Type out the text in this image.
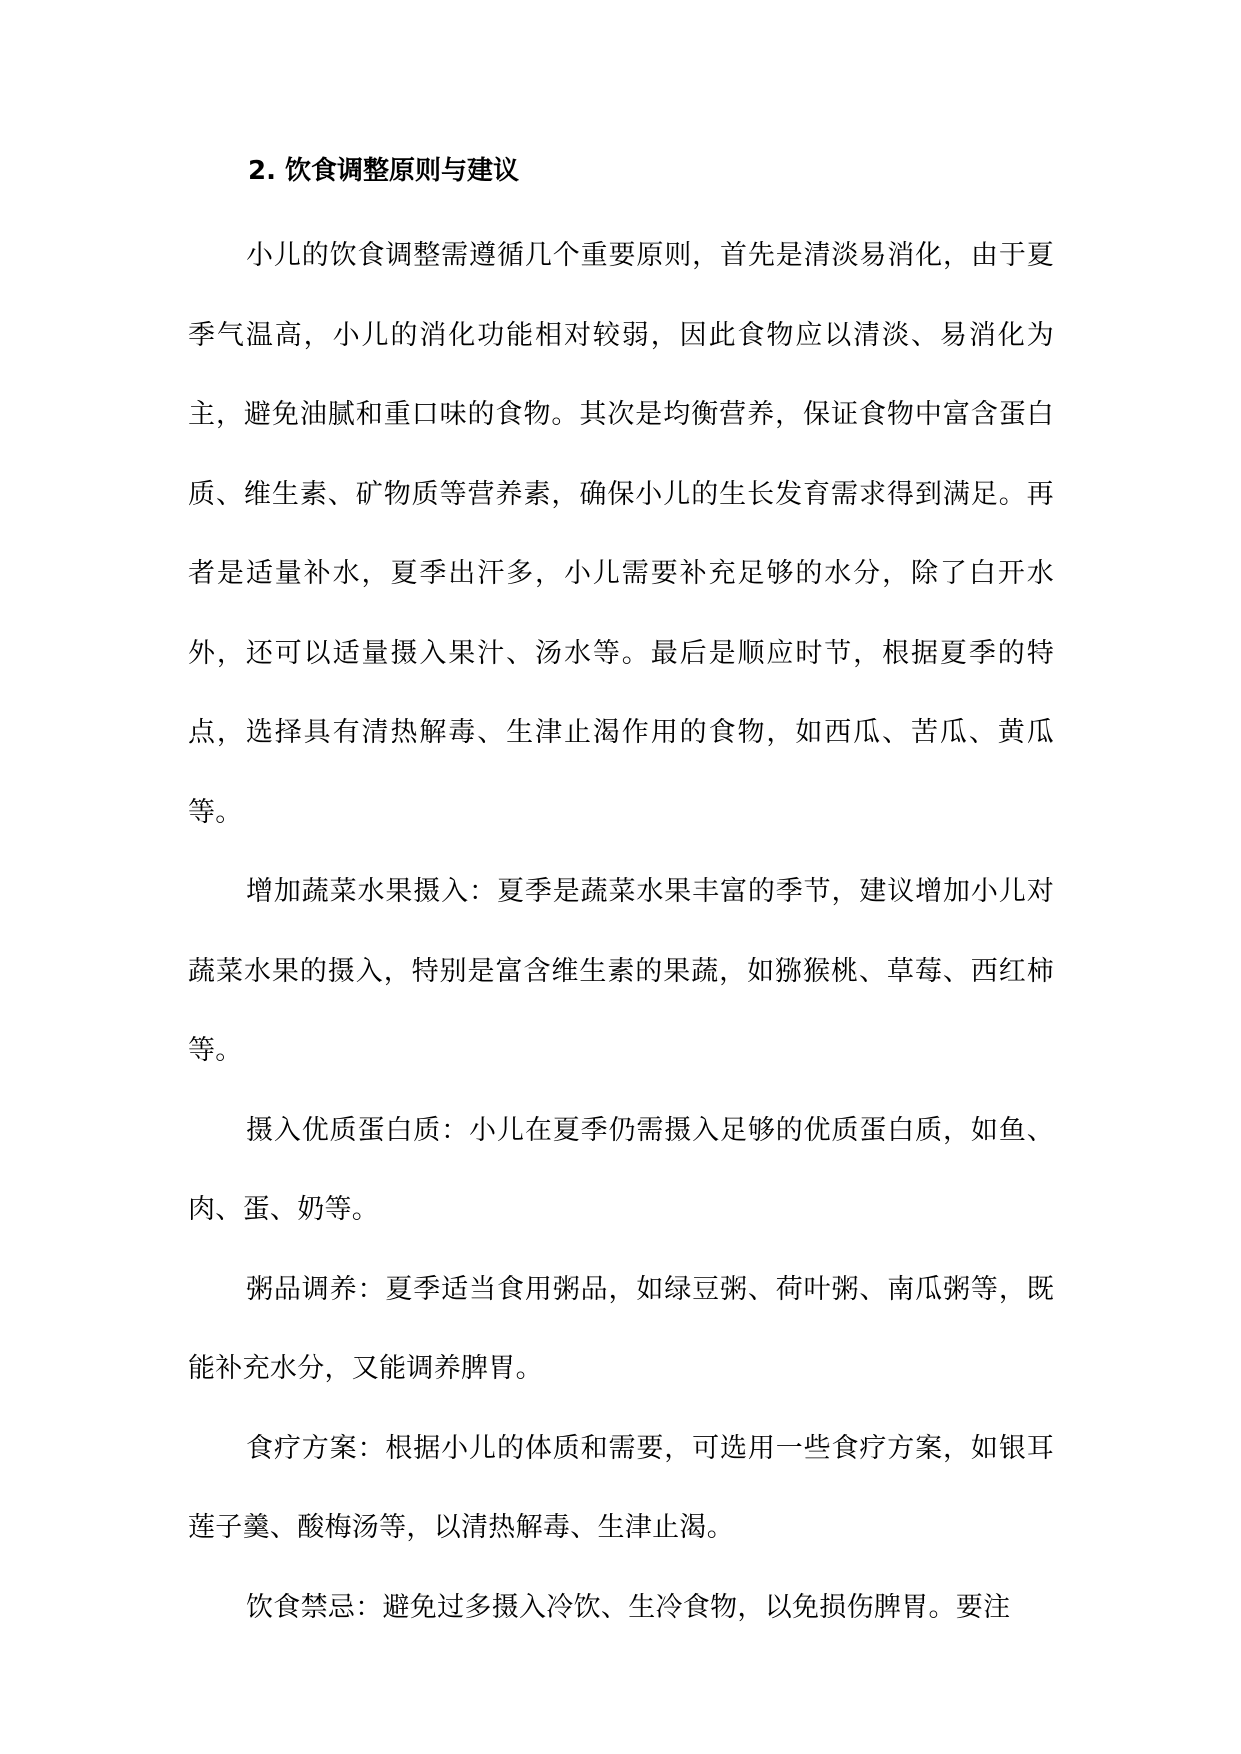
2. 饮食调整原则与建议

小儿的饮食调整需遵循几个重要原则，首先是清淡易消化，由于夏季气温高，小儿的消化功能相对较弱，因此食物应以清淡、易消化为主，避免油腻和重口味的食物。其次是均衡营养，保证食物中富含蛋白质、维生素、矿物质等营养素，确保小儿的生长发育需求得到满足。再者是适量补水，夏季出汗多，小儿需要补充足够的水分，除了白开水外，还可以适量摄入果汁、汤水等。最后是顺应时节，根据夏季的特点，选择具有清热解毒、生津止渴作用的食物，如西瓜、苦瓜、黄瓜等。

增加蔬菜水果摄入：夏季是蔬菜水果丰富的季节，建议增加小儿对蔬菜水果的摄入，特别是富含维生素的果蔬，如猕猴桃、草莓、西红柿等。

摄入优质蛋白质：小儿在夏季仍需摄入足够的优质蛋白质，如鱼、肉、蛋、奶等。

粥品调养：夏季适当食用粥品，如绿豆粥、荷叶粥、南瓜粥等，既能补充水分，又能调养脾胃。

食疗方案：根据小儿的体质和需要，可选用一些食疗方案，如银耳莲子羹、酸梅汤等，以清热解毒、生津止渴。

饮食禁忌：避免过多摄入冷饮、生冷食物，以免损伤脾胃。要注
